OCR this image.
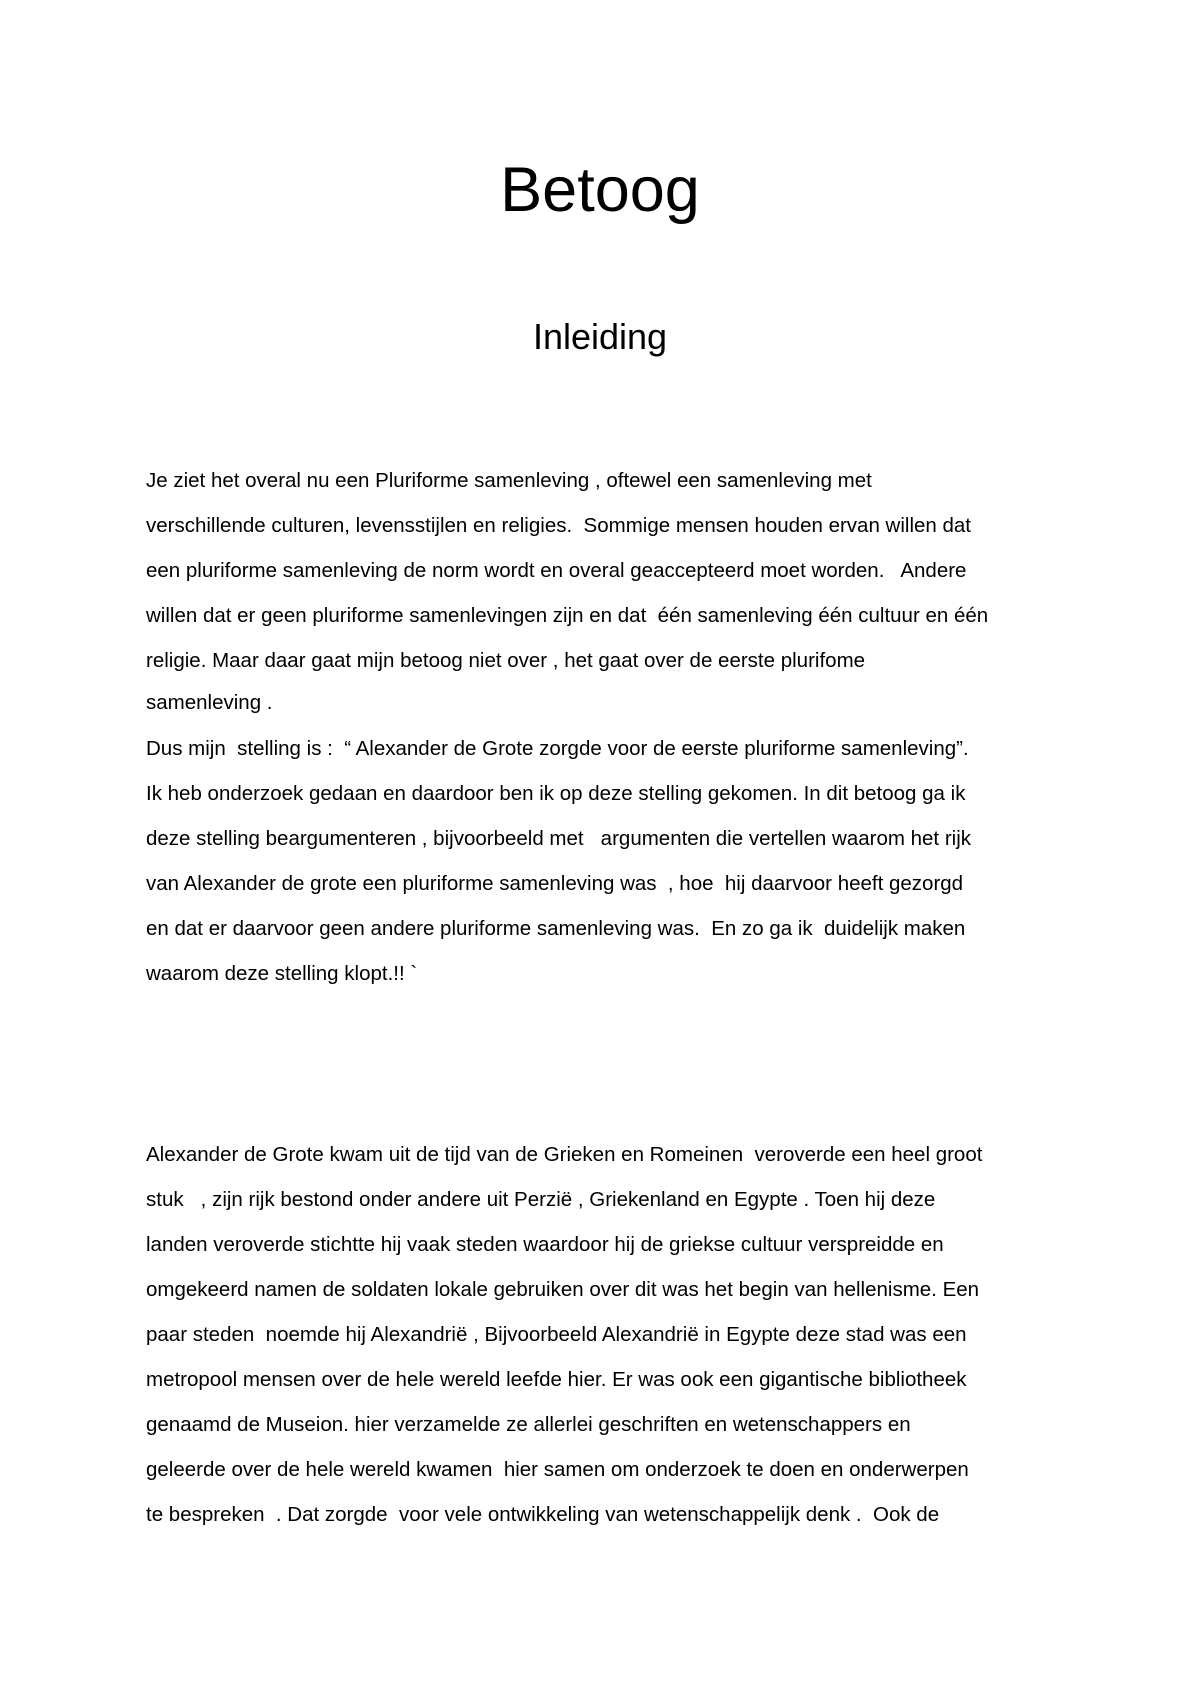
Betoog
Inleiding
Je ziet het overal nu een Pluriforme samenleving , oftewel een samenleving met
verschillende culturen, levensstijlen en religies.  Sommige mensen houden ervan willen dat
een pluriforme samenleving de norm wordt en overal geaccepteerd moet worden.   Andere
willen dat er geen pluriforme samenlevingen zijn en dat  één samenleving één cultuur en één
religie. Maar daar gaat mijn betoog niet over , het gaat over de eerste plurifome
samenleving .
Dus mijn  stelling is :  “ Alexander de Grote zorgde voor de eerste pluriforme samenleving”.
Ik heb onderzoek gedaan en daardoor ben ik op deze stelling gekomen. In dit betoog ga ik
deze stelling beargumenteren , bijvoorbeeld met   argumenten die vertellen waarom het rijk
van Alexander de grote een pluriforme samenleving was  , hoe  hij daarvoor heeft gezorgd
en dat er daarvoor geen andere pluriforme samenleving was.  En zo ga ik  duidelijk maken
waarom deze stelling klopt.!! `
Alexander de Grote kwam uit de tijd van de Grieken en Romeinen  veroverde een heel groot
stuk   , zijn rijk bestond onder andere uit Perzië , Griekenland en Egypte . Toen hij deze
landen veroverde stichtte hij vaak steden waardoor hij de griekse cultuur verspreidde en
omgekeerd namen de soldaten lokale gebruiken over dit was het begin van hellenisme. Een
paar steden  noemde hij Alexandrië , Bijvoorbeeld Alexandrië in Egypte deze stad was een
metropool mensen over de hele wereld leefde hier. Er was ook een gigantische bibliotheek
genaamd de Museion. hier verzamelde ze allerlei geschriften en wetenschappers en
geleerde over de hele wereld kwamen  hier samen om onderzoek te doen en onderwerpen
te bespreken  . Dat zorgde  voor vele ontwikkeling van wetenschappelijk denk .  Ook de
